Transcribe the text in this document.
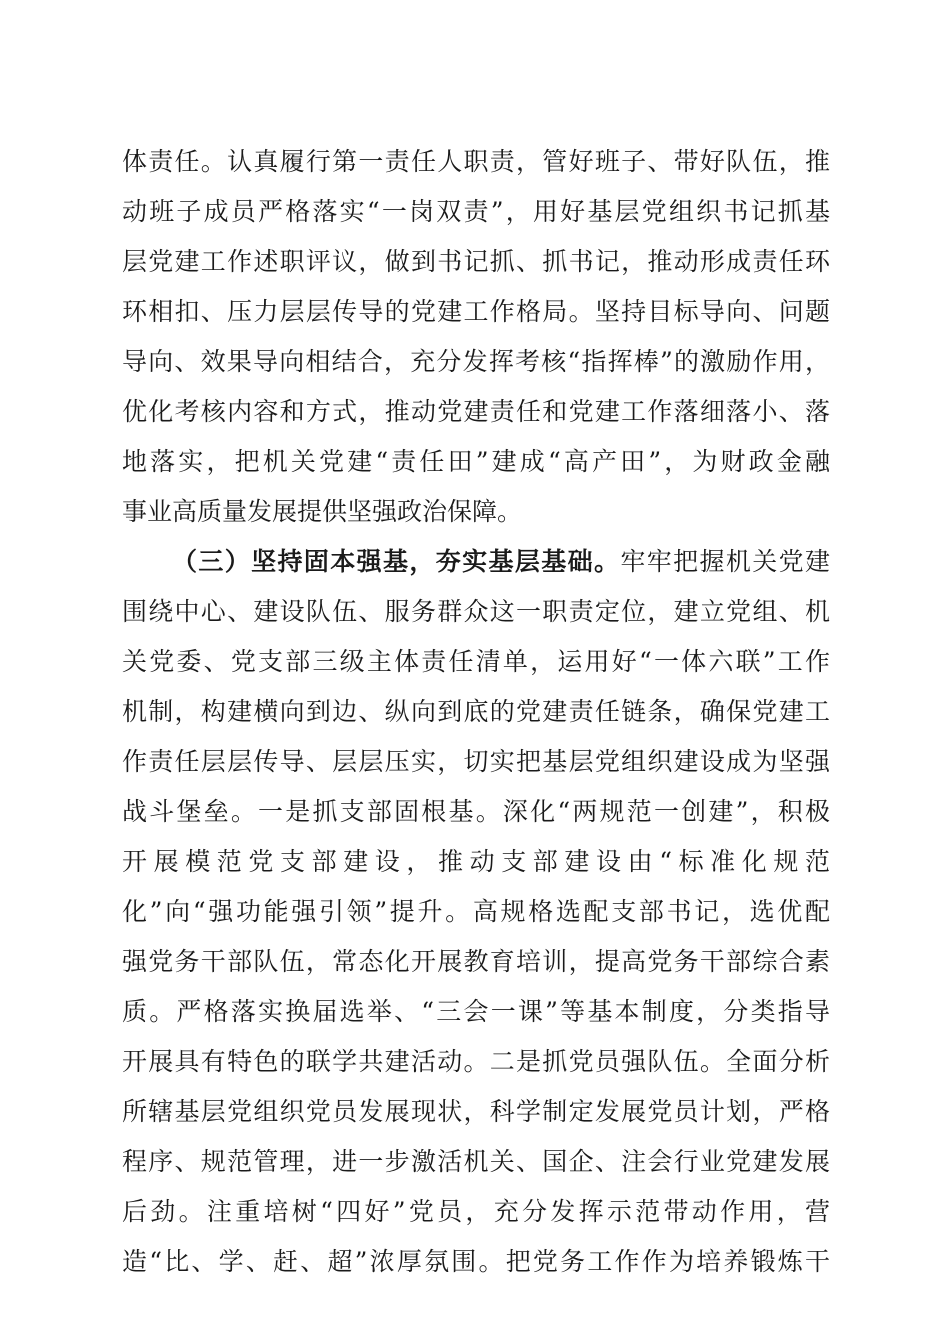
体责任。认真履行第一责任人职责，管好班子、带好队伍，推
动班子成员严格落实“一岗双责”，用好基层党组织书记抓基
层党建工作述职评议，做到书记抓、抓书记，推动形成责任环
环相扣、压力层层传导的党建工作格局。坚持目标导向、问题
导向、效果导向相结合，充分发挥考核“指挥棒”的激励作用，
优化考核内容和方式，推动党建责任和党建工作落细落小、落
地落实，把机关党建“责任田”建成“高产田”，为财政金融
事业高质量发展提供坚强政治保障。
（三）坚持固本强基，夯实基层基础。牢牢把握机关党建
围绕中心、建设队伍、服务群众这一职责定位，建立党组、机
关党委、党支部三级主体责任清单，运用好“一体六联”工作
机制，构建横向到边、纵向到底的党建责任链条，确保党建工
作责任层层传导、层层压实，切实把基层党组织建设成为坚强
战斗堡垒。一是抓支部固根基。深化“两规范一创建”，积极
开展模范党支部建设，推动支部建设由“标准化规范
化”向“强功能强引领”提升。高规格选配支部书记，选优配
强党务干部队伍，常态化开展教育培训，提高党务干部综合素
质。严格落实换届选举、“三会一课”等基本制度，分类指导
开展具有特色的联学共建活动。二是抓党员强队伍。全面分析
所辖基层党组织党员发展现状，科学制定发展党员计划，严格
程序、规范管理，进一步激活机关、国企、注会行业党建发展
后劲。注重培树“四好”党员，充分发挥示范带动作用，营
造“比、学、赶、超”浓厚氛围。把党务工作作为培养锻炼干
